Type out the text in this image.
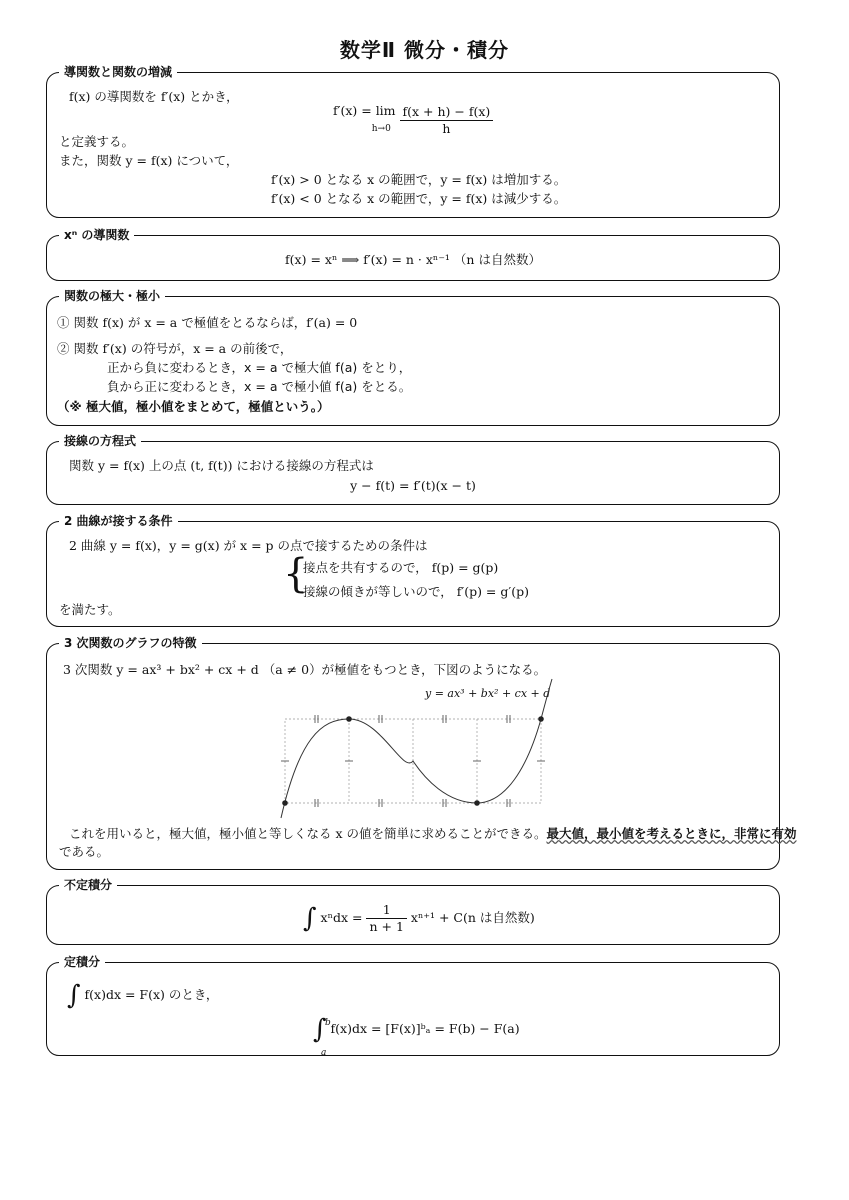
数学Ⅱ 微分・積分
導関数と関数の増減
f(x) の導関数を f′(x) とかき，
f′(x) = lim
$h\to 0 \frac{f(x + h) - f(x)}{h}$
と定義する。
また，関数 y = f(x) について，
f′(x) > 0 となる x の範囲で，y = f(x) は増加する。
f′(x) < 0 となる x の範囲で，y = f(x) は減少する。
xⁿ の導関数
f(x) = xⁿ ⟹ f′(x) = n · xⁿ⁻¹ （n は自然数）
関数の極大・極小
① 関数 f(x) が x = a で極値をとるならば，f′(a) = 0
② 関数 f′(x) の符号が，x = a の前後で，
正から負に変わるとき，x = a で極大値 f(a) をとり，
負から正に変わるとき，x = a で極小値 f(a) をとる。
（※ 極大値，極小値をまとめて，極値という。）
接線の方程式
関数 y = f(x) 上の点 (t, f(t)) における接線の方程式は
y − f(t) = f′(t)(x − t)
2 曲線が接する条件
2 曲線 y = f(x)，y = g(x) が x = p の点で接するための条件は
{
接点を共有するので， f(p) = g(p)
接線の傾きが等しいので， f′(p) = g′(p)
を満たす。
3 次関数のグラフの特徴
3 次関数 y = ax³ + bx² + cx + d （a ≠ 0）が極値をもつとき，下図のようになる。
y = ax³ + bx² + cx + d
これを用いると，極大値，極小値と等しくなる x の値を簡単に求めることができる。最大値，最小値を考えるときに，非常に有効
である。
不定積分
∫ $x^ndx = \frac{1}{n + 1} x^{n+1} + C(n$ は自然数)
定積分
∫ f(x)dx = F(x) のとき，
∫
b
a
f(x)dx = [F(x)]ᵇₐ = F(b) − F(a)
